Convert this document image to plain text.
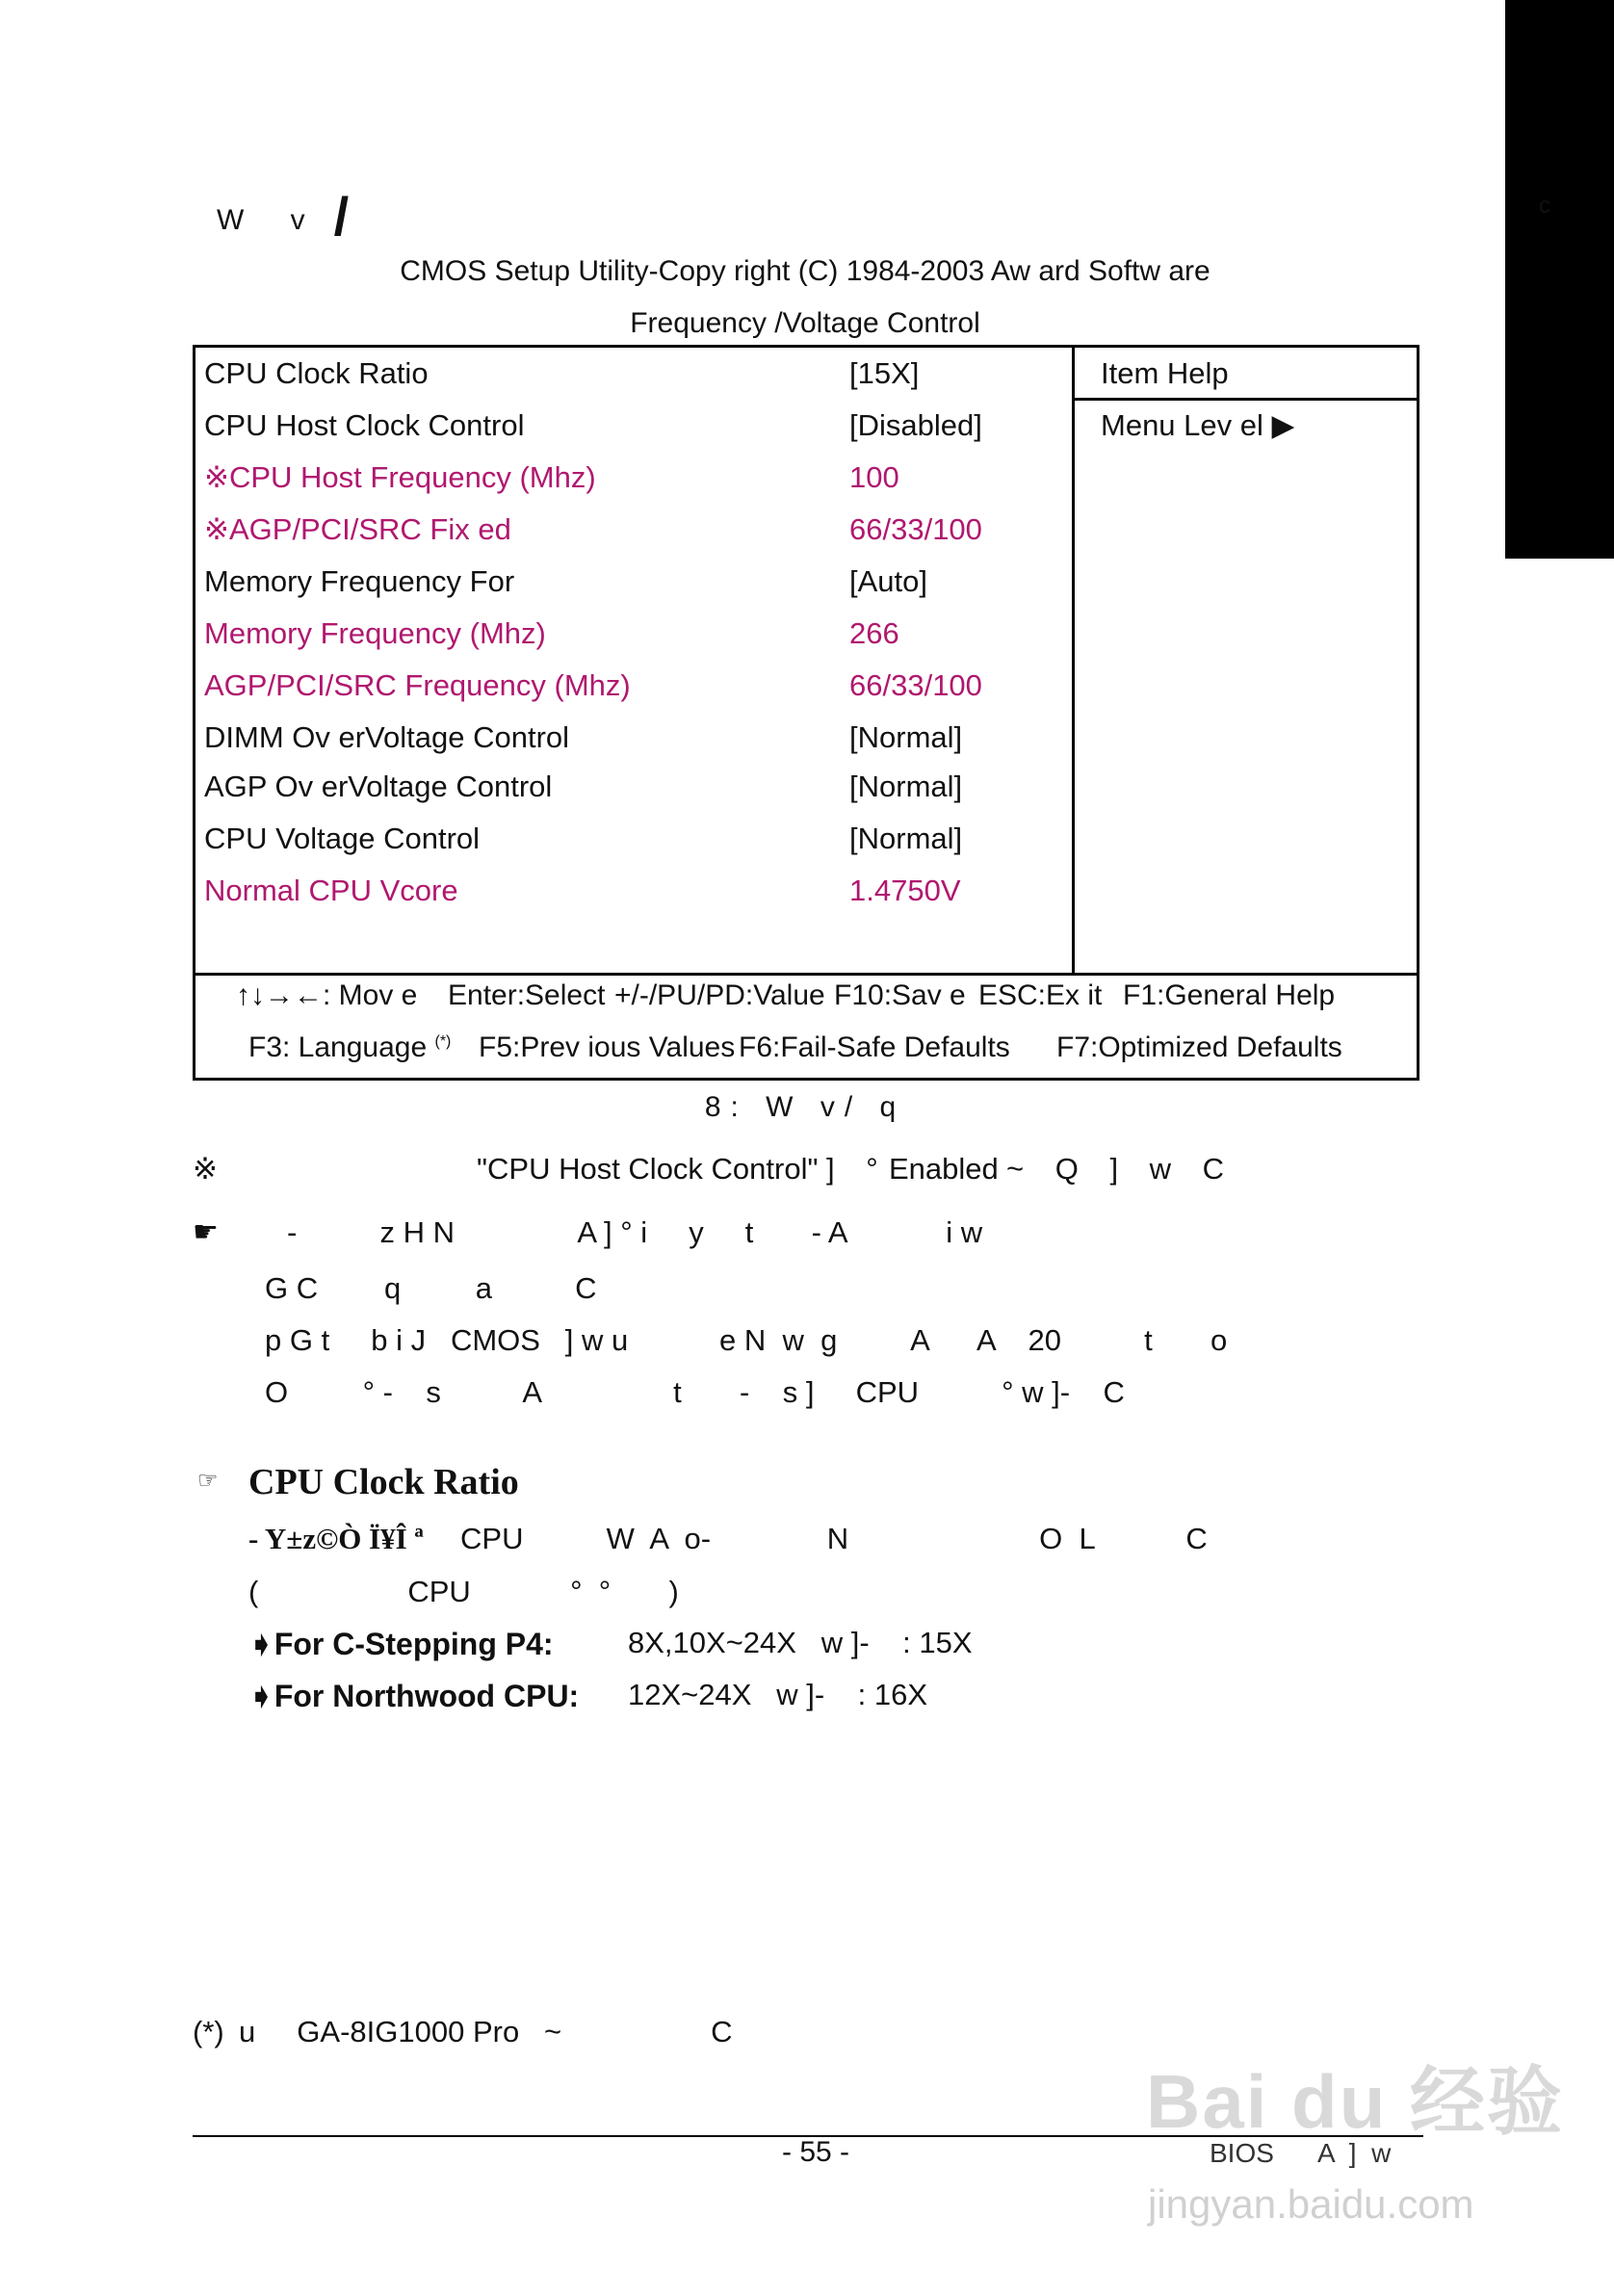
c
W v /
CMOS Setup Utility-Copy right (C) 1984-2003 Aw ard Softw are
Frequency /Voltage Control
CPU Clock Ratio	[15X]
CPU Host Clock Control	[Disabled]
※CPU Host Frequency (Mhz)	100
※AGP/PCI/SRC Fix ed	66/33/100
Memory Frequency For	[Auto]
Memory Frequency (Mhz)	266
AGP/PCI/SRC Frequency (Mhz)	66/33/100
DIMM Ov erVoltage Control	[Normal]
AGP Ov erVoltage Control	[Normal]
CPU Voltage Control	[Normal]
Normal CPU Vcore	1.4750V
Item Help
Menu Lev el ▶
↑↓→←: Mov e Enter:Select +/-/PU/PD:Value F10:Sav e ESC:Ex it F1:General Help
F3: Language (*) F5:Prev ious Values F6:Fail-Safe Defaults F7:Optimized Defaults
8: W v/ q
※	"CPU Host Clock Control" ] ° Enabled ~ Q ] w C
☛ -          z H N               A ] ° i     y     t       - A            i w
G C        q         a          C
p G t     b i J   CMOS   ] w u           e N  w  g         A      A    20          t       o
O         ° -    s          A                t       -    s ]     CPU          ° w ]-    C
☞ CPU Clock Ratio
- Y±z©Ò Ï¥Î ª CPU          W  A  o-              N                       O  L           C
(                  CPU            °  °       )
➧For C-Stepping P4: 8X,10X~24X   w ]-    : 15X
➧For Northwood CPU: 12X~24X   w ]-    : 16X
(*) u     GA-8IG1000 Pro   ~                  C
- 55 -	BIOS      A  ]  w
Bai du 经验
jingyan.baidu.com
